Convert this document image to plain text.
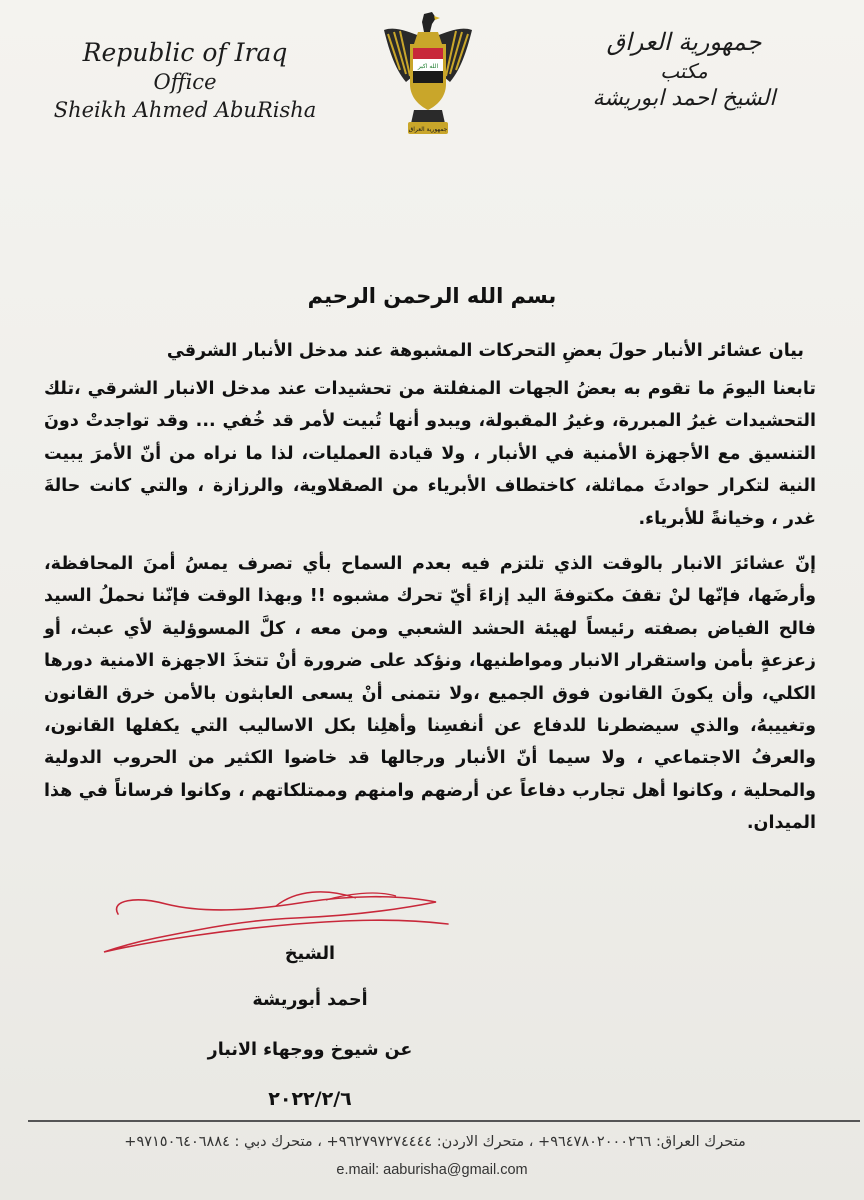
Republic of Iraq
Office
Sheikh Ahmed AbuRisha
الله اكبر
جمهورية العراق
جمهورية العراق
مكتب
الشيخ احمد ابوريشة
بسم الله الرحمن الرحيم
بيان عشائر الأنبار حولَ بعضِ التحركات المشبوهة عند مدخل الأنبار الشرقي
تابعنا اليومَ ما تقوم به بعضُ الجهات المنفلتة من تحشيدات عند مدخل الانبار الشرقي ،تلك التحشيدات غيرُ المبررة، وغيرُ المقبولة، ويبدو أنها تُبيت لأمر قد خُفي ... وقد تواجدتْ دونَ التنسيق مع الأجهزة الأمنية في الأنبار ، ولا قيادة العمليات، لذا ما نراه من أنّ الأمرَ يبيت النية لتكرار حوادثَ مماثلة، كاختطاف الأبرياء من الصقلاوية، والرزازة ، والتي كانت حالةَ غدر ، وخيانةً للأبرياء.
إنّ عشائرَ الانبار بالوقت الذي تلتزم فيه بعدم السماح بأي تصرف يمسُ أمنَ المحافظة، وأرضَها، فإنّها لنْ تقفَ مكتوفةَ اليد إزاءَ أيّ تحرك مشبوه !! وبهذا الوقت فإنّنا نحملُ السيد فالح الفياض بصفته رئيساً لهيئة الحشد الشعبي ومن معه ، كلَّ المسوؤلية لأي عبث، أو زعزعةٍ بأمن واستقرار الانبار ومواطنيها، ونؤكد على ضرورة أنْ تتخذَ الاجهزة الامنية دورها الكلي، وأن يكونَ القانون فوق الجميع ،ولا نتمنى أنْ يسعى العابثون بالأمن خرق القانون وتغييبهُ، والذي سيضطرنا للدفاع عن أنفسِنا وأهلِنا بكل الاساليب التي يكفلها القانون، والعرفُ الاجتماعي ، ولا سيما أنّ الأنبار ورجالها قد خاضوا الكثير من الحروب الدولية والمحلية ، وكانوا أهل تجارب دفاعاً عن أرضهم وامنهم وممتلكاتهم ، وكانوا فرساناً في هذا الميدان.
الشيخ
أحمد أبوريشة
عن شيوخ ووجهاء الانبار
٢٠٢٢/٢/٦
متحرك العراق: ٩٦٤٧٨٠٢٠٠٠٢٦٦+ ، متحرك الاردن: ٩٦٢٧٩٧٢٧٤٤٤٤+ ، متحرك دبي : ٩٧١٥٠٦٤٠٦٨٨٤+
e.mail: aaburisha@gmail.com
